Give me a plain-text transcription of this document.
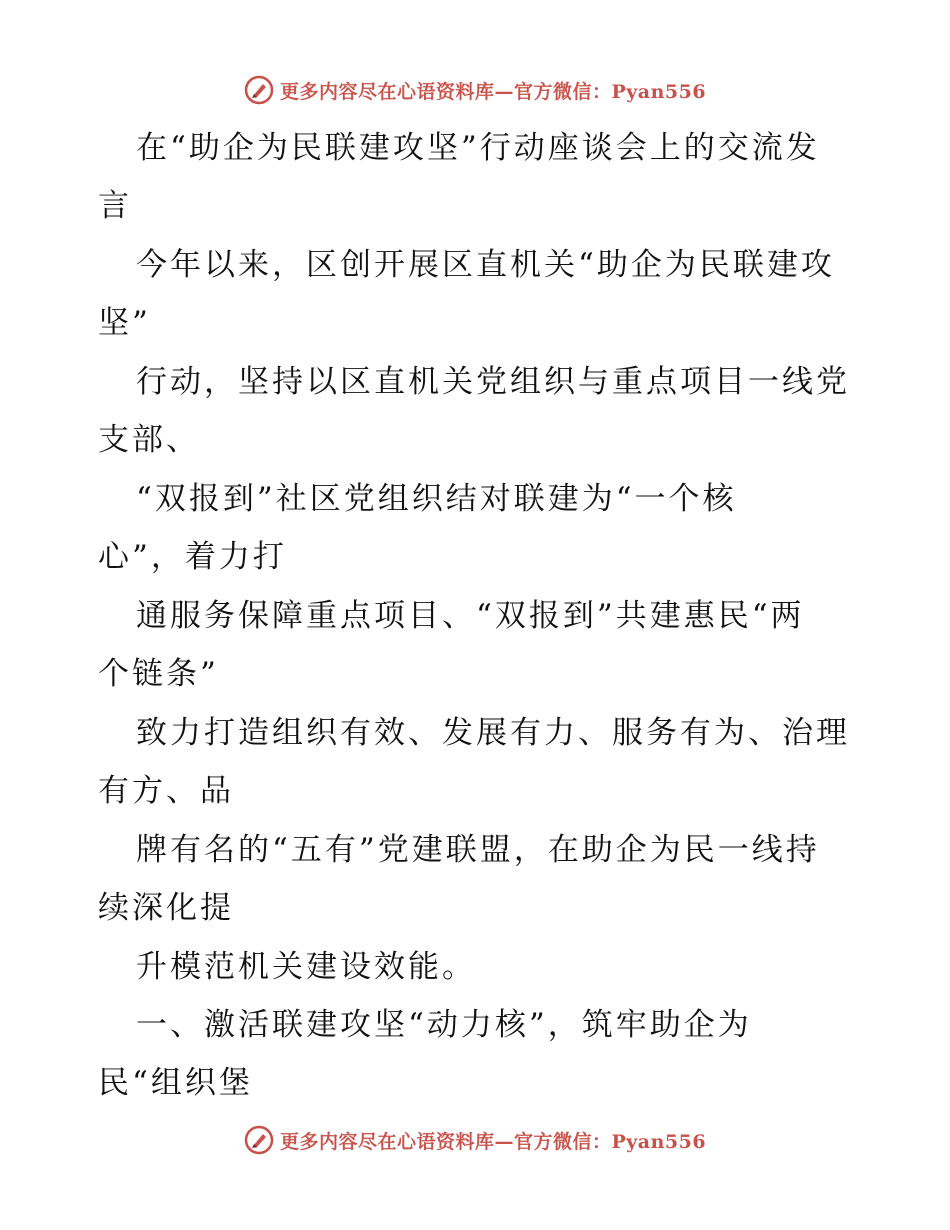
更多内容尽在心语资料库—官方微信：Pyan556
在“助企为民联建攻坚”行动座谈会上的交流发
言
今年以来，区创开展区直机关“助企为民联建攻
坚”
行动，坚持以区直机关党组织与重点项目一线党
支部、
“双报到”社区党组织结对联建为“一个核
心”，着力打
通服务保障重点项目、“双报到”共建惠民“两
个链条”
致力打造组织有效、发展有力、服务有为、治理
有方、品
牌有名的“五有”党建联盟，在助企为民一线持
续深化提
升模范机关建设效能。
一、激活联建攻坚“动力核”，筑牢助企为
民“组织堡
更多内容尽在心语资料库—官方微信：Pyan556
